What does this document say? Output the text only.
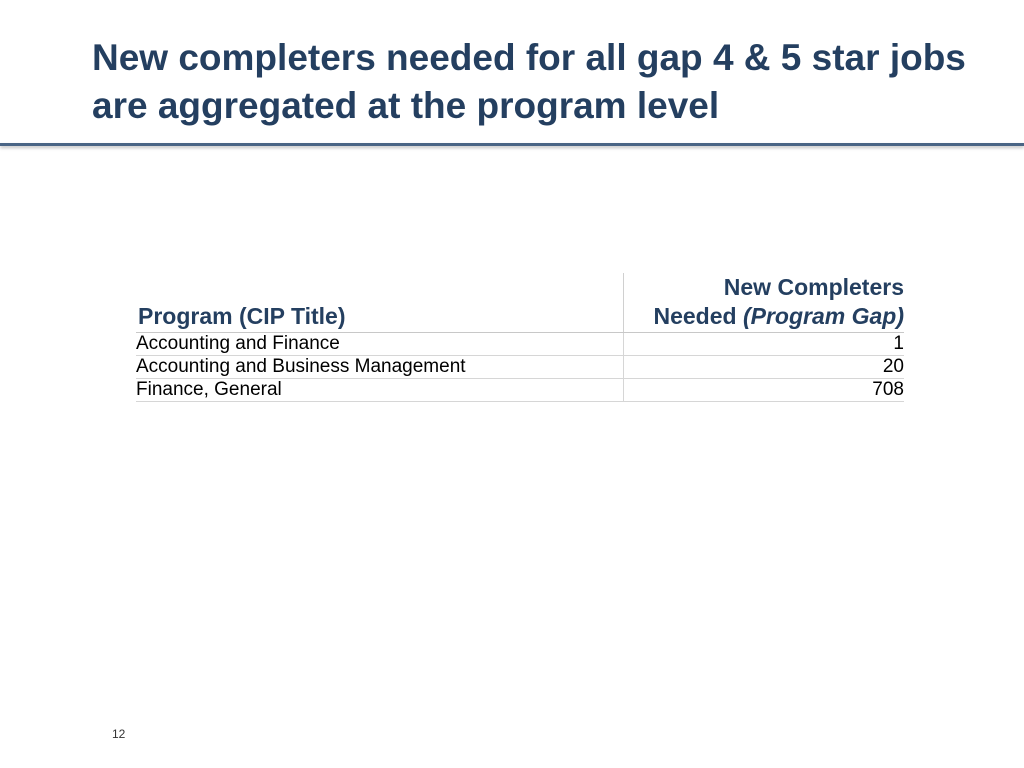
New completers needed for all gap 4 & 5 star jobs are aggregated at the program level
Program (CIP Title)	New Completers
Needed (Program Gap)
Accounting and Finance	1
Accounting and Business Management	20
Finance, General	708
12
